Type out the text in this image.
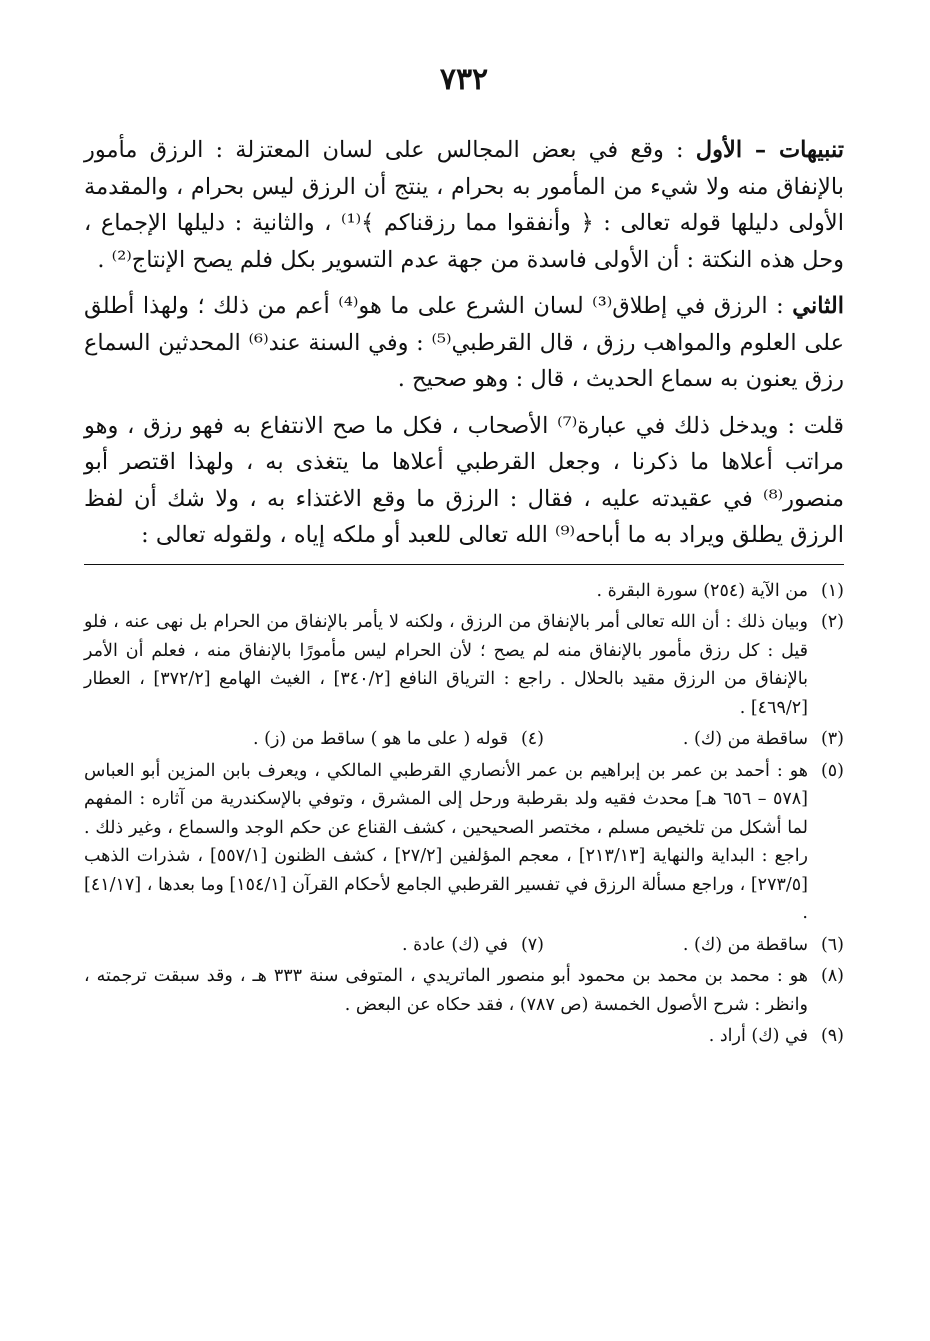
٧٣٢

تنبيهات – الأول : وقع في بعض المجالس على لسان المعتزلة : الرزق مأمور بالإنفاق منه ولا شيء من المأمور به بحرام ، ينتج أن الرزق ليس بحرام ، والمقدمة الأولى دليلها قوله تعالى : ﴿ وأنفقوا مما رزقناكم ﴾⁽¹⁾ ، والثانية : دليلها الإجماع ، وحل هذه النكتة : أن الأولى فاسدة من جهة عدم التسوير بكل فلم يصح الإنتاج⁽²⁾ .

الثاني : الرزق في إطلاق⁽³⁾ لسان الشرع على ما هو⁽⁴⁾ أعم من ذلك ؛ ولهذا أطلق على العلوم والمواهب رزق ، قال القرطبي⁽⁵⁾ : وفي السنة عند⁽⁶⁾ المحدثين السماع رزق يعنون به سماع الحديث ، قال : وهو صحيح .

قلت : ويدخل ذلك في عبارة⁽⁷⁾ الأصحاب ، فكل ما صح الانتفاع به فهو رزق ، وهو مراتب أعلاها ما ذكرنا ، وجعل القرطبي أعلاها ما يتغذى به ، ولهذا اقتصر أبو منصور⁽⁸⁾ في عقيدته عليه ، فقال : الرزق ما وقع الاغتذاء به ، ولا شك أن لفظ الرزق يطلق ويراد به ما أباحه⁽⁹⁾ الله تعالى للعبد أو ملكه إياه ، ولقوله تعالى :

(١)
من الآية (٢٥٤) سورة البقرة .
(٢)
وبيان ذلك : أن الله تعالى أمر بالإنفاق من الرزق ، ولكنه لا يأمر بالإنفاق من الحرام بل نهى عنه ، فلو قيل : كل رزق مأمور بالإنفاق منه لم يصح ؛ لأن الحرام ليس مأمورًا بالإنفاق منه ، فعلم أن الأمر بالإنفاق من الرزق مقيد بالحلال . راجع : الترياق النافع [٣٤٠/٢] ، الغيث الهامع [٣٧٢/٢] ، العطار [٤٦٩/٢] .
(٣)
ساقطة من (ك) .
(٤)
قوله ( على ما هو ) ساقط من (ز) .
(٥)
هو : أحمد بن عمر بن إبراهيم بن عمر الأنصاري القرطبي المالكي ، ويعرف بابن المزين أبو العباس [٥٧٨ – ٦٥٦ هـ] محدث فقيه ولد بقرطبة ورحل إلى المشرق ، وتوفي بالإسكندرية من آثاره : المفهم لما أشكل من تلخيص مسلم ، مختصر الصحيحين ، كشف القناع عن حكم الوجد والسماع ، وغير ذلك . راجع : البداية والنهاية [٢١٣/١٣] ، معجم المؤلفين [٢٧/٢] ، كشف الظنون [٥٥٧/١] ، شذرات الذهب [٢٧٣/٥] ، وراجع مسألة الرزق في تفسير القرطبي الجامع لأحكام القرآن [١٥٤/١] وما بعدها ، [٤١/١٧] .
(٦)
ساقطة من (ك) .
(٧)
في (ك) عادة .
(٨)
هو : محمد بن محمد بن محمود أبو منصور الماتريدي ، المتوفى سنة ٣٣٣ هـ ، وقد سبقت ترجمته ، وانظر : شرح الأصول الخمسة (ص ٧٨٧) ، فقد حكاه عن البعض .
(٩)
في (ك) أراد .
